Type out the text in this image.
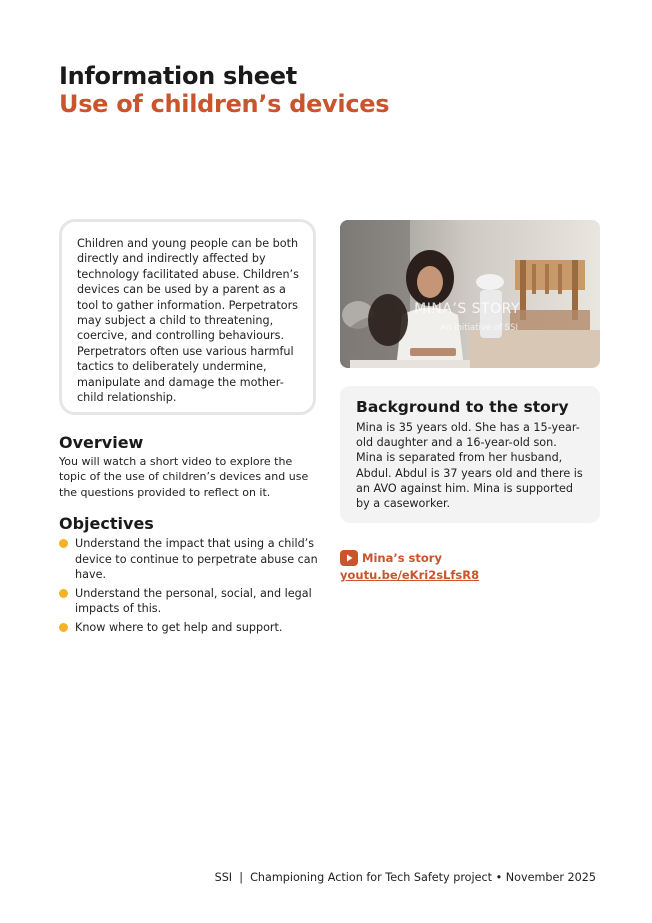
Information sheet
Use of children’s devices
Children and young people can be both directly and indirectly affected by technology facilitated abuse. Children’s devices can be used by a parent as a tool to gather information. Perpetrators may subject a child to threatening, coercive, and controlling behaviours. Perpetrators often use various harmful tactics to deliberately undermine, manipulate and damage the mother-child relationship.
MINA’S STORY
An initiative of SSI
Background to the story
Mina is 35 years old. She has a 15-year-old daughter and a 16-year-old son. Mina is separated from her husband, Abdul. Abdul is 37 years old and there is an AVO against him. Mina is supported by a caseworker.
Mina’s story
youtu.be/eKri2sLfsR8
Overview
You will watch a short video to explore the topic of the use of children’s devices and use the questions provided to reflect on it.
Objectives
Understand the impact that using a child’s device to continue to perpetrate abuse can have.
Understand the personal, social, and legal impacts of this.
Know where to get help and support.
SSI  |  Championing Action for Tech Safety project • November 2025
